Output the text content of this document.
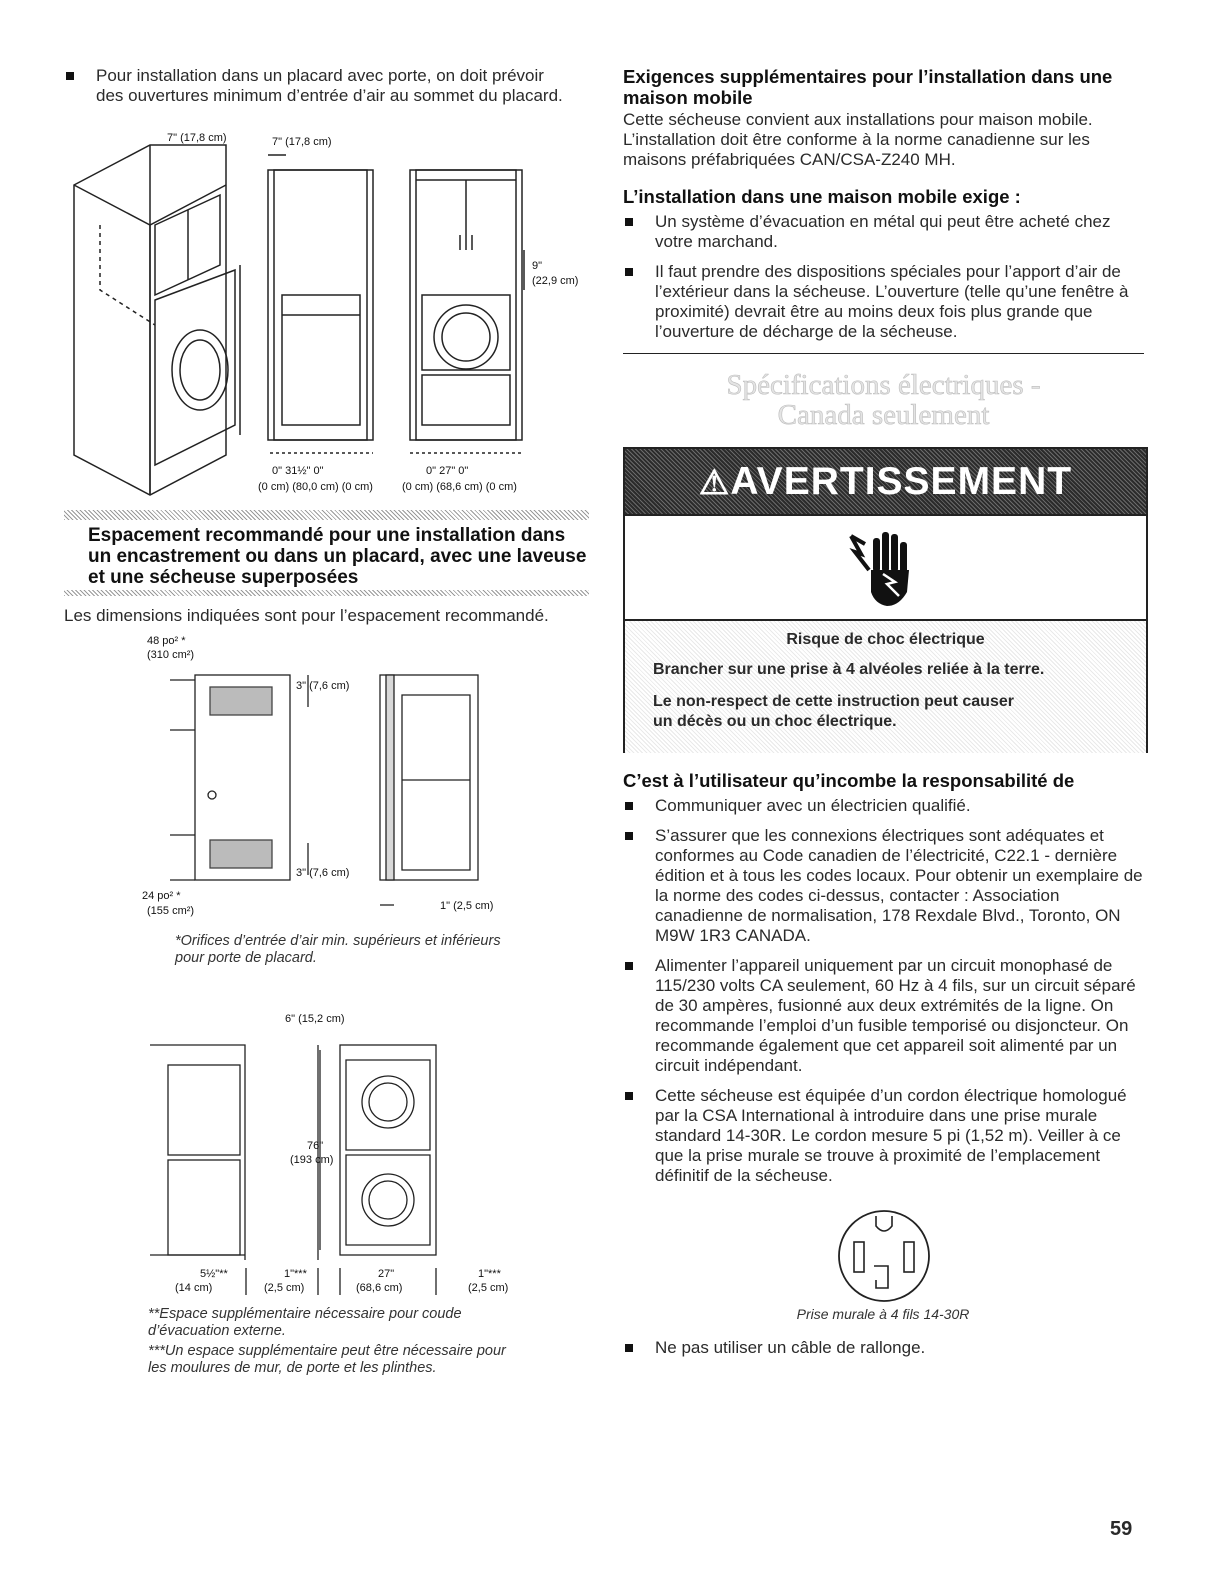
Pour installation dans un placard avec porte, on doit prévoir des ouvertures minimum d’entrée d’air au sommet du placard.
7" (17,8 cm)	7" (17,8 cm)
9"
(22,9 cm)
0" 31½" 0"
(0 cm) (80,0 cm) (0 cm)
0" 27" 0"
(0 cm) (68,6 cm) (0 cm)
Espacement recommandé pour une installation dans un encastrement ou dans un placard, avec une laveuse et une sécheuse superposées
Les dimensions indiquées sont pour l’espacement recommandé.
48 po² *
(310 cm²)
3" (7,6 cm)
3" (7,6 cm)
24 po² *
(155 cm²)	1" (2,5 cm)
*Orifices d’entrée d’air min. supérieurs et inférieurs pour porte de placard.
6" (15,2 cm)
76"
(193 cm)
5½"**
(14 cm)
1"***
(2,5 cm)
27"
(68,6 cm)
1"***
(2,5 cm)
**Espace supplémentaire nécessaire pour coude d’évacuation externe.
***Un espace supplémentaire peut être nécessaire pour les moulures de mur, de porte et les plinthes.
Exigences supplémentaires pour l’installation dans une maison mobile
Cette sécheuse convient aux installations pour maison mobile. L’installation doit être conforme à la norme canadienne sur les maisons préfabriquées CAN/CSA-Z240 MH.
L’installation dans une maison mobile exige :
Un système d’évacuation en métal qui peut être acheté chez votre marchand.
Il faut prendre des dispositions spéciales pour l’apport d’air de l’extérieur dans la sécheuse. L’ouverture (telle qu’une fenêtre à proximité) devrait être au moins deux fois plus grande que l’ouverture de décharge de la sécheuse.
Spécifications électriques -
Canada seulement
⚠AVERTISSEMENT
Risque de choc électrique
Brancher sur une prise à 4 alvéoles reliée à la terre.
Le non-respect de cette instruction peut causer
un décès ou un choc électrique.
C’est à l’utilisateur qu’incombe la responsabilité de
Communiquer avec un électricien qualifié.
S’assurer que les connexions électriques sont adéquates et conformes au Code canadien de l’électricité, C22.1 - dernière édition et à tous les codes locaux. Pour obtenir un exemplaire de la norme des codes ci-dessus, contacter : Association canadienne de normalisation, 178 Rexdale Blvd., Toronto, ON M9W 1R3 CANADA.
Alimenter l’appareil uniquement par un circuit monophasé de 115/230 volts CA seulement, 60 Hz à 4 fils, sur un circuit séparé de 30 ampères, fusionné aux deux extrémités de la ligne. On recommande l’emploi d’un fusible temporisé ou disjoncteur. On recommande également que cet appareil soit alimenté par un circuit indépendant.
Cette sécheuse est équipée d’un cordon électrique homologué par la CSA International à introduire dans une prise murale standard 14-30R. Le cordon mesure 5 pi (1,52 m). Veiller à ce que la prise murale se trouve à proximité de l’emplacement définitif de la sécheuse.
Prise murale à 4 fils 14-30R
Ne pas utiliser un câble de rallonge.
59
